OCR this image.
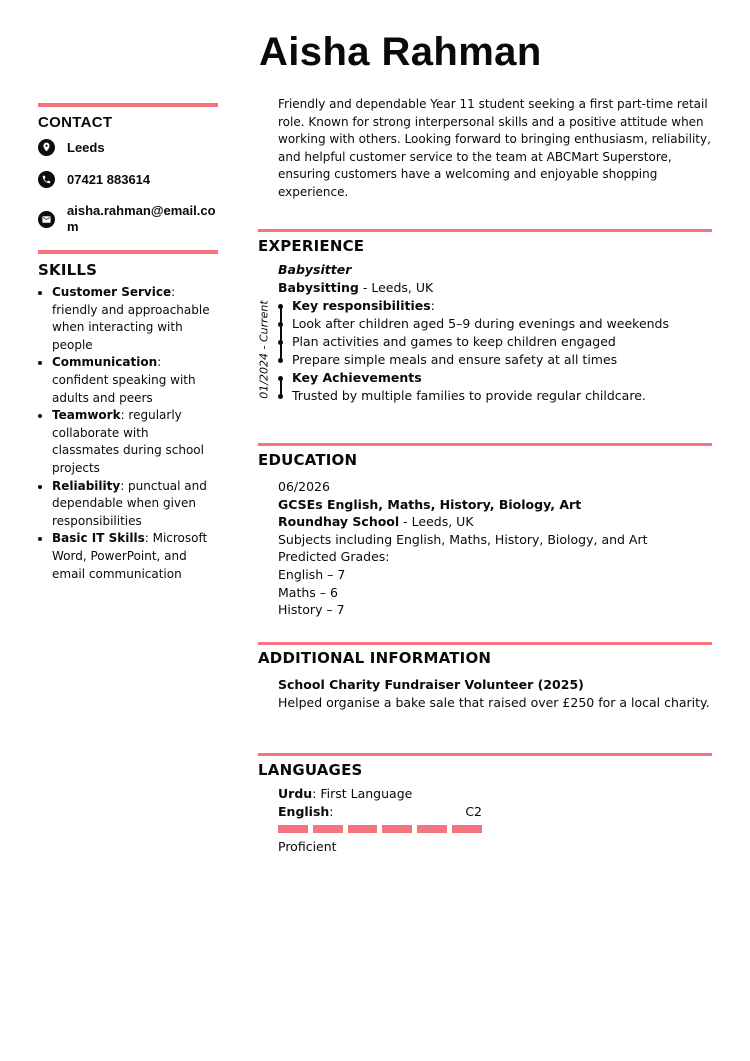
Aisha Rahman

Friendly and dependable Year 11 student seeking a first part-time retail role. Known for strong interpersonal skills and a positive attitude when working with others. Looking forward to bringing enthusiasm, reliability, and helpful customer service to the team at ABCMart Superstore, ensuring customers have a welcoming and enjoyable shopping experience.

CONTACT
Leeds
07421 883614
aisha.rahman@email.com
SKILLS
• Customer Service: friendly and approachable when interacting with people
• Communication: confident speaking with adults and peers
• Teamwork: regularly collaborate with classmates during school projects
• Reliability: punctual and dependable when given responsibilities
• Basic IT Skills: Microsoft Word, PowerPoint, and email communication
EXPERIENCE
01/2024 - Current
Babysitter
Babysitting - Leeds, UK
Key responsibilities:
Look after children aged 5–9 during evenings and weekends
Plan activities and games to keep children engaged
Prepare simple meals and ensure safety at all times
Key Achievements
Trusted by multiple families to provide regular childcare.
EDUCATION
06/2026
GCSEs English, Maths, History, Biology, Art
Roundhay School - Leeds, UK
Subjects including English, Maths, History, Biology, and Art
Predicted Grades:
English – 7
Maths – 6
History – 7
ADDITIONAL INFORMATION
School Charity Fundraiser Volunteer (2025)
Helped organise a bake sale that raised over £250 for a local charity.
LANGUAGES
Urdu: First Language
English:	C2
Proficient
